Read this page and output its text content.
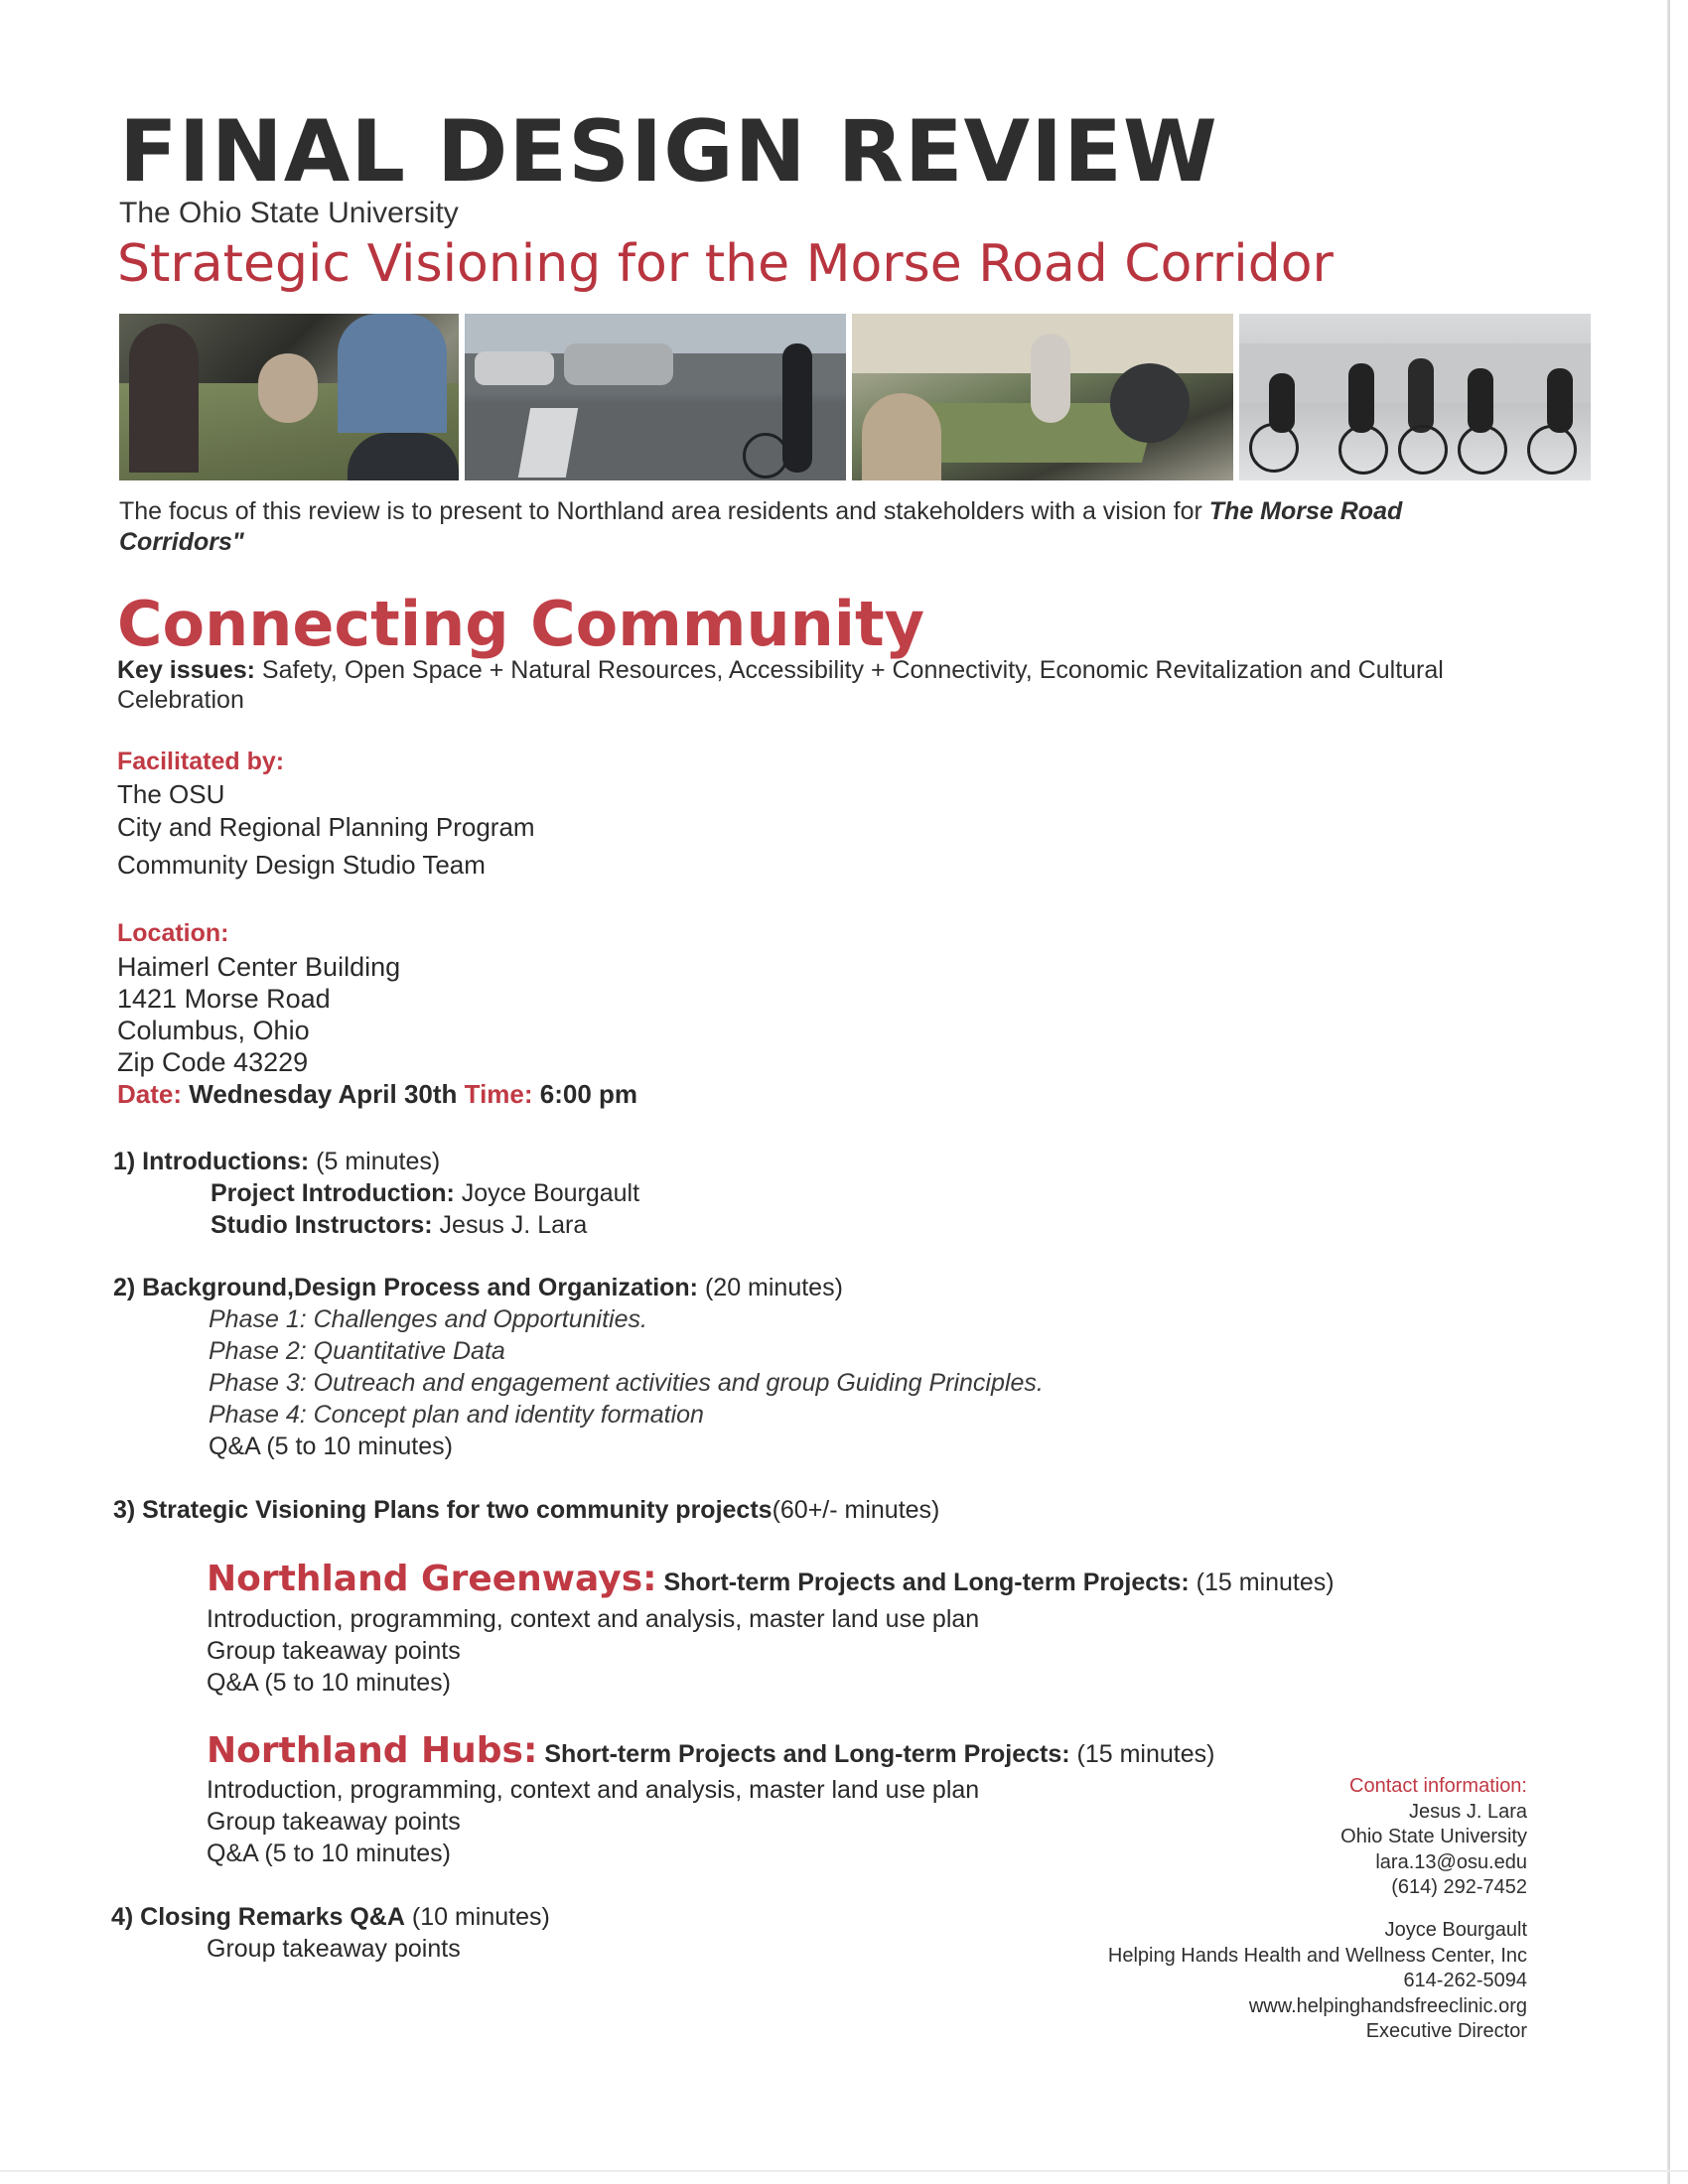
FINAL DESIGN REVIEW
The Ohio State University
Strategic Visioning for the Morse Road Corridor
The focus of this review is to present to Northland area residents and stakeholders with a vision for The Morse Road Corridors"
Connecting Community
Key issues: Safety, Open Space + Natural Resources, Accessibility + Connectivity, Economic Revitalization and Cultural Celebration
Facilitated by:
The OSU
City and Regional Planning Program
Community Design Studio Team
Location:
Haimerl Center Building
1421 Morse Road
Columbus, Ohio
Zip Code 43229
Date: Wednesday April 30th Time: 6:00 pm
1) Introductions: (5 minutes)
Project Introduction: Joyce Bourgault
Studio Instructors: Jesus J. Lara
2) Background,Design Process and Organization: (20 minutes)
Phase 1: Challenges and Opportunities.
Phase 2: Quantitative Data
Phase 3: Outreach and engagement activities and group Guiding Principles.
Phase 4: Concept plan and identity formation
Q&A (5 to 10 minutes)
3) Strategic Visioning Plans for two community projects(60+/- minutes)
Northland Greenways: Short-term Projects and Long-term Projects: (15 minutes)
Introduction, programming, context and analysis, master land use plan
Group takeaway points
Q&A (5 to 10 minutes)
Northland Hubs: Short-term Projects and Long-term Projects: (15 minutes)
Introduction, programming, context and analysis, master land use plan
Group takeaway points
Q&A (5 to 10 minutes)
4) Closing Remarks Q&A (10 minutes)
Group takeaway points
Contact information:
Jesus J. Lara
Ohio State University
lara.13@osu.edu
(614) 292-7452
Joyce Bourgault
Helping Hands Health and Wellness Center, Inc
614-262-5094
www.helpinghandsfreeclinic.org
Executive Director
